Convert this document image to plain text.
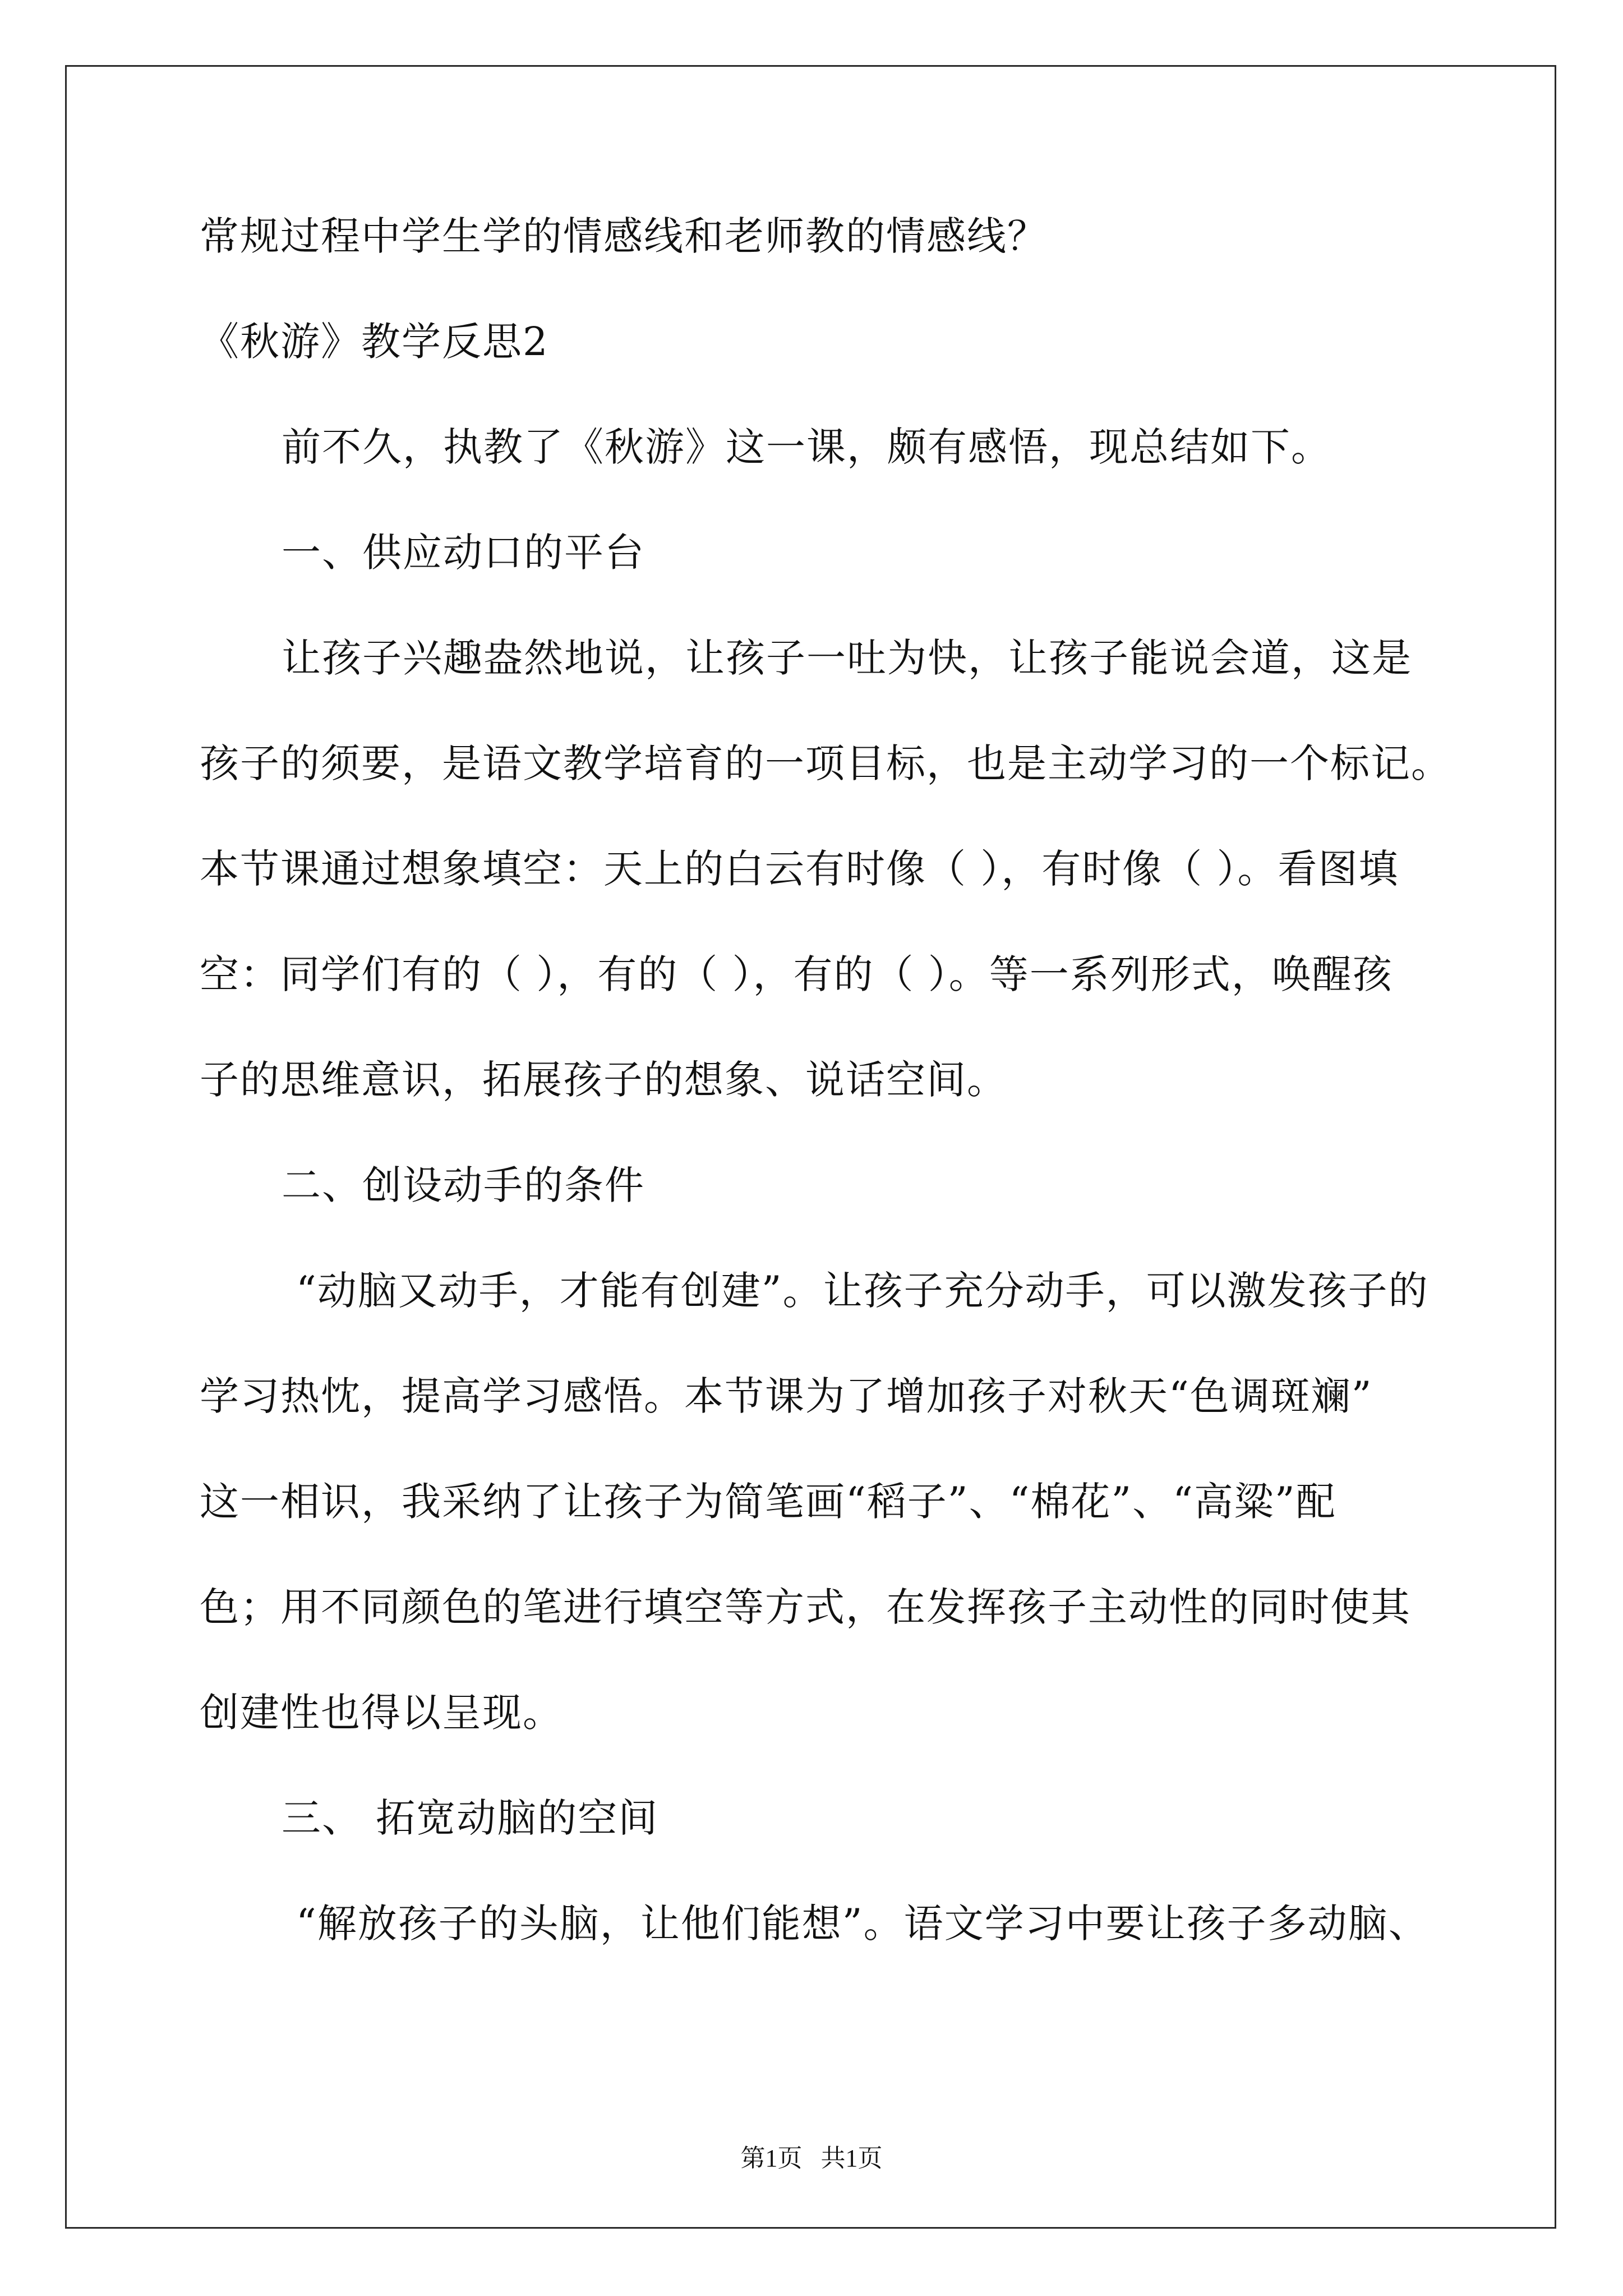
常规过程中学生学的情感线和老师教的情感线？
《秋游》教学反思2
前不久，执教了《秋游》这一课，颇有感悟，现总结如下。
一、供应动口的平台
让孩子兴趣盎然地说，让孩子一吐为快，让孩子能说会道，这是
孩子的须要，是语文教学培育的一项目标，也是主动学习的一个标记。
本节课通过想象填空：天上的白云有时像（ ），有时像（ ）。看图填
空：同学们有的（ ），有的（ ），有的（ ）。等一系列形式，唤醒孩
子的思维意识，拓展孩子的想象、说话空间。
二、创设动手的条件
“动脑又动手，才能有创建”。让孩子充分动手，可以激发孩子的
学习热忱，提高学习感悟。本节课为了增加孩子对秋天“色调斑斓”
这一相识，我采纳了让孩子为简笔画“稻子”、“棉花”、“高粱”配
色；用不同颜色的笔进行填空等方式，在发挥孩子主动性的同时使其
创建性也得以呈现。
三、 拓宽动脑的空间
“解放孩子的头脑，让他们能想”。语文学习中要让孩子多动脑、
第1页   共1页
